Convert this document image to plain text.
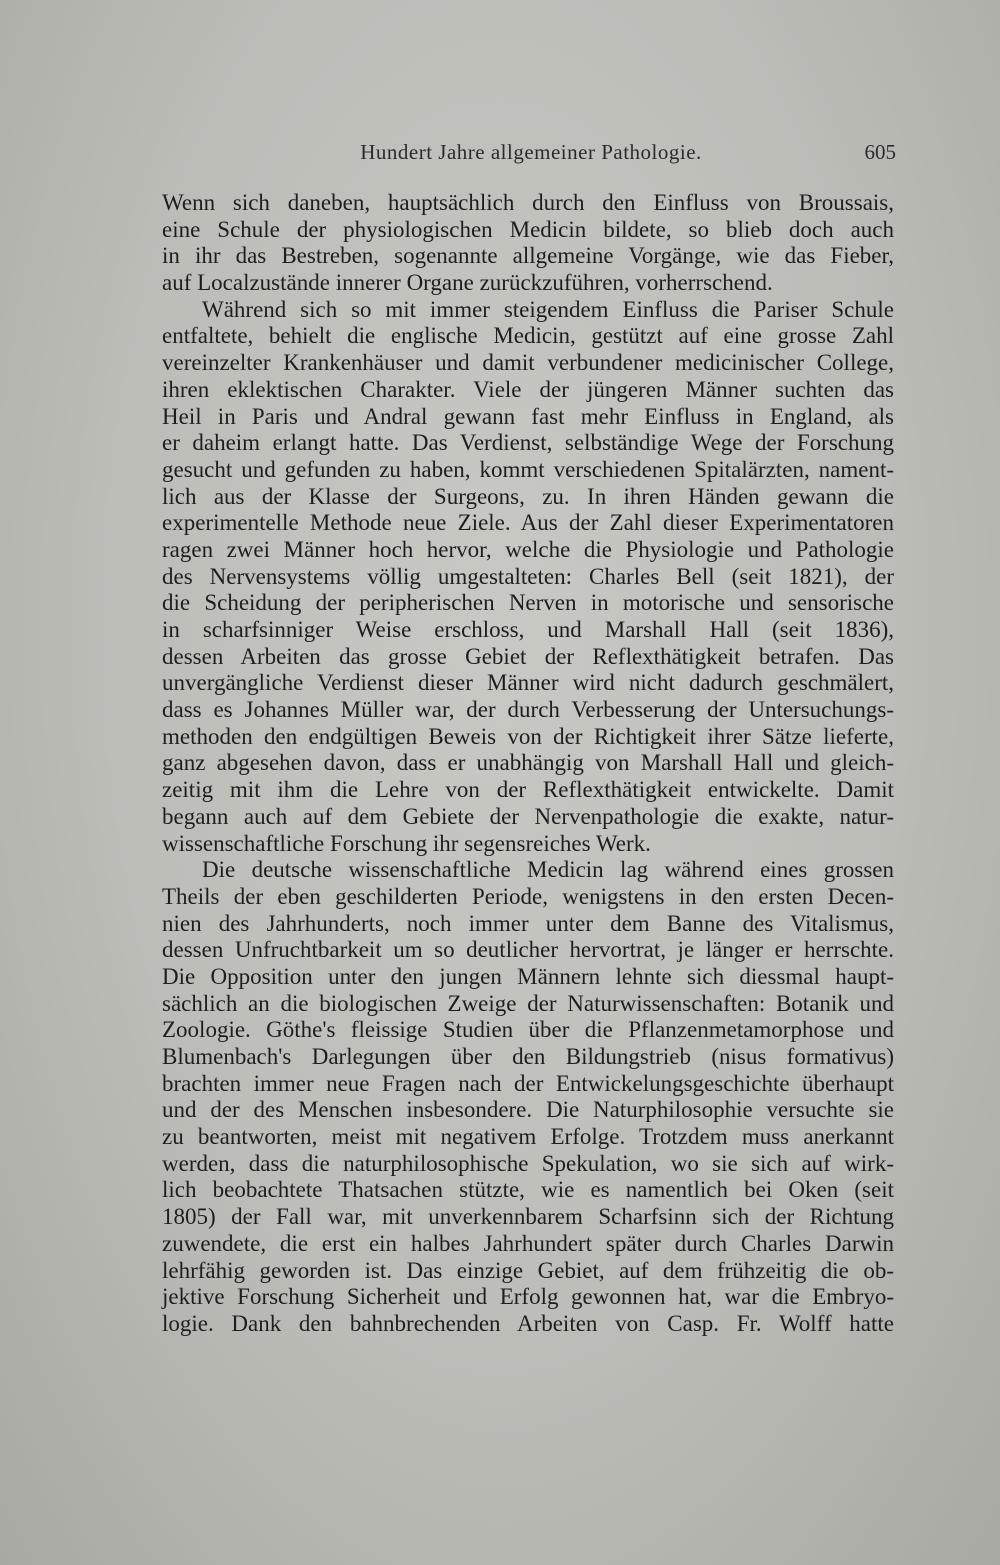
Hundert Jahre allgemeiner Pathologie.	605
Wenn sich daneben, hauptsächlich durch den Einfluss von Broussais,
eine Schule der physiologischen Medicin bildete, so blieb doch auch
in ihr das Bestreben, sogenannte allgemeine Vorgänge, wie das Fieber,
auf Localzustände innerer Organe zurückzuführen, vorherrschend.
Während sich so mit immer steigendem Einfluss die Pariser Schule
entfaltete, behielt die englische Medicin, gestützt auf eine grosse Zahl
vereinzelter Krankenhäuser und damit verbundener medicinischer College,
ihren eklektischen Charakter. Viele der jüngeren Männer suchten das
Heil in Paris und Andral gewann fast mehr Einfluss in England, als
er daheim erlangt hatte. Das Verdienst, selbständige Wege der Forschung
gesucht und gefunden zu haben, kommt verschiedenen Spitalärzten, nament-
lich aus der Klasse der Surgeons, zu. In ihren Händen gewann die
experimentelle Methode neue Ziele. Aus der Zahl dieser Experimentatoren
ragen zwei Männer hoch hervor, welche die Physiologie und Pathologie
des Nervensystems völlig umgestalteten: Charles Bell (seit 1821), der
die Scheidung der peripherischen Nerven in motorische und sensorische
in scharfsinniger Weise erschloss, und Marshall Hall (seit 1836),
dessen Arbeiten das grosse Gebiet der Reflexthätigkeit betrafen. Das
unvergängliche Verdienst dieser Männer wird nicht dadurch geschmälert,
dass es Johannes Müller war, der durch Verbesserung der Untersuchungs-
methoden den endgültigen Beweis von der Richtigkeit ihrer Sätze lieferte,
ganz abgesehen davon, dass er unabhängig von Marshall Hall und gleich-
zeitig mit ihm die Lehre von der Reflexthätigkeit entwickelte. Damit
begann auch auf dem Gebiete der Nervenpathologie die exakte, natur-
wissenschaftliche Forschung ihr segensreiches Werk.
Die deutsche wissenschaftliche Medicin lag während eines grossen
Theils der eben geschilderten Periode, wenigstens in den ersten Decen-
nien des Jahrhunderts, noch immer unter dem Banne des Vitalismus,
dessen Unfruchtbarkeit um so deutlicher hervortrat, je länger er herrschte.
Die Opposition unter den jungen Männern lehnte sich diessmal haupt-
sächlich an die biologischen Zweige der Naturwissenschaften: Botanik und
Zoologie. Göthe's fleissige Studien über die Pflanzenmetamorphose und
Blumenbach's Darlegungen über den Bildungstrieb (nisus formativus)
brachten immer neue Fragen nach der Entwickelungsgeschichte überhaupt
und der des Menschen insbesondere. Die Naturphilosophie versuchte sie
zu beantworten, meist mit negativem Erfolge. Trotzdem muss anerkannt
werden, dass die naturphilosophische Spekulation, wo sie sich auf wirk-
lich beobachtete Thatsachen stützte, wie es namentlich bei Oken (seit
1805) der Fall war, mit unverkennbarem Scharfsinn sich der Richtung
zuwendete, die erst ein halbes Jahrhundert später durch Charles Darwin
lehrfähig geworden ist. Das einzige Gebiet, auf dem frühzeitig die ob-
jektive Forschung Sicherheit und Erfolg gewonnen hat, war die Embryo-
logie. Dank den bahnbrechenden Arbeiten von Casp. Fr. Wolff hatte
